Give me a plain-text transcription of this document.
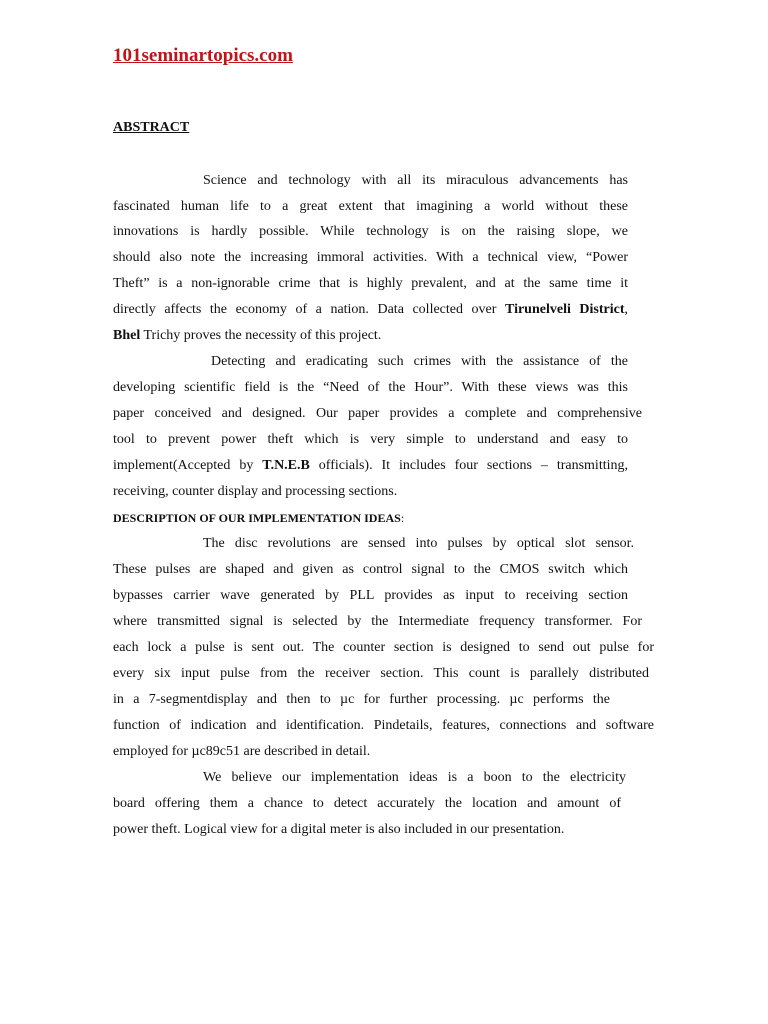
101seminartopics.com
ABSTRACT
Science and technology with all its miraculous advancements has
fascinated human life to a great extent that imagining a world without these
innovations is hardly possible. While technology is on the raising slope, we
should also note the increasing immoral activities. With a technical view, “Power
Theft” is a non-ignorable crime that is highly prevalent, and at the same time it
directly affects the economy of a nation. Data collected over Tirunelveli District,
Bhel Trichy proves the necessity of this project.
Detecting and eradicating such crimes with the assistance of the
developing scientific field is the “Need of the Hour”. With these views was this
paper conceived and designed. Our paper provides a complete and comprehensive
tool to prevent power theft which is very simple to understand and easy to
implement(Accepted by T.N.E.B officials). It includes four sections – transmitting,
receiving, counter display and processing sections.
DESCRIPTION OF OUR IMPLEMENTATION IDEAS:
The disc revolutions are sensed into pulses by optical slot sensor.
These pulses are shaped and given as control signal to the CMOS switch which
bypasses carrier wave generated by PLL provides as input to receiving section
where transmitted signal is selected by the Intermediate frequency transformer. For
each lock a pulse is sent out. The counter section is designed to send out pulse for
every six input pulse from the receiver section. This count is parallely distributed
in a 7-segmentdisplay and then to µc for further processing. µc performs the
function of indication and identification. Pindetails, features, connections and software
employed for µc89c51 are described in detail.
We believe our implementation ideas is a boon to the electricity
board offering them a chance to detect accurately the location and amount of
power theft. Logical view for a digital meter is also included in our presentation.
